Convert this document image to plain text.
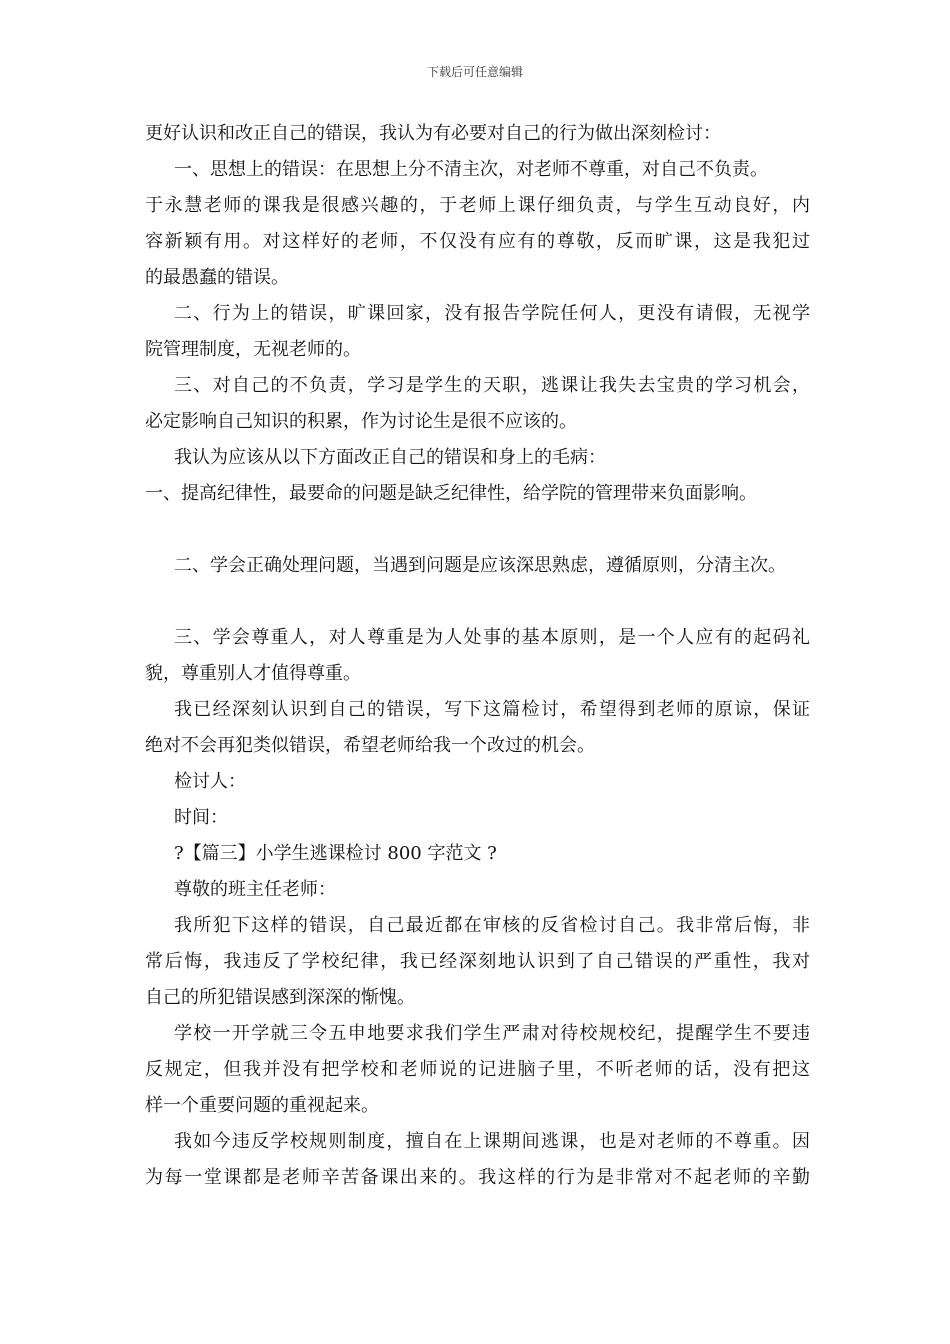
下载后可任意编辑
更好认识和改正自己的错误，我认为有必要对自己的行为做出深刻检讨：
一、思想上的错误：在思想上分不清主次，对老师不尊重，对自己不负责。
于永慧老师的课我是很感兴趣的，于老师上课仔细负责，与学生互动良好，内
容新颖有用。对这样好的老师，不仅没有应有的尊敬，反而旷课，这是我犯过
的最愚蠢的错误。
二、行为上的错误，旷课回家，没有报告学院任何人，更没有请假，无视学
院管理制度，无视老师的。
三、对自己的不负责，学习是学生的天职，逃课让我失去宝贵的学习机会，
必定影响自己知识的积累，作为讨论生是很不应该的。
我认为应该从以下方面改正自己的错误和身上的毛病：
一、提高纪律性，最要命的问题是缺乏纪律性，给学院的管理带来负面影响。
二、学会正确处理问题，当遇到问题是应该深思熟虑，遵循原则，分清主次。
三、学会尊重人，对人尊重是为人处事的基本原则，是一个人应有的起码礼
貌，尊重别人才值得尊重。
我已经深刻认识到自己的错误，写下这篇检讨，希望得到老师的原谅，保证
绝对不会再犯类似错误，希望老师给我一个改过的机会。
检讨人：
时间：
?【篇三】小学生逃课检讨 800 字范文 ?
尊敬的班主任老师：
我所犯下这样的错误，自己最近都在审核的反省检讨自己。我非常后悔，非
常后悔，我违反了学校纪律，我已经深刻地认识到了自己错误的严重性，我对
自己的所犯错误感到深深的惭愧。
学校一开学就三令五申地要求我们学生严肃对待校规校纪，提醒学生不要违
反规定，但我并没有把学校和老师说的记进脑子里，不听老师的话，没有把这
样一个重要问题的重视起来。
我如今违反学校规则制度，擅自在上课期间逃课，也是对老师的不尊重。因
为每一堂课都是老师辛苦备课出来的。我这样的行为是非常对不起老师的辛勤
